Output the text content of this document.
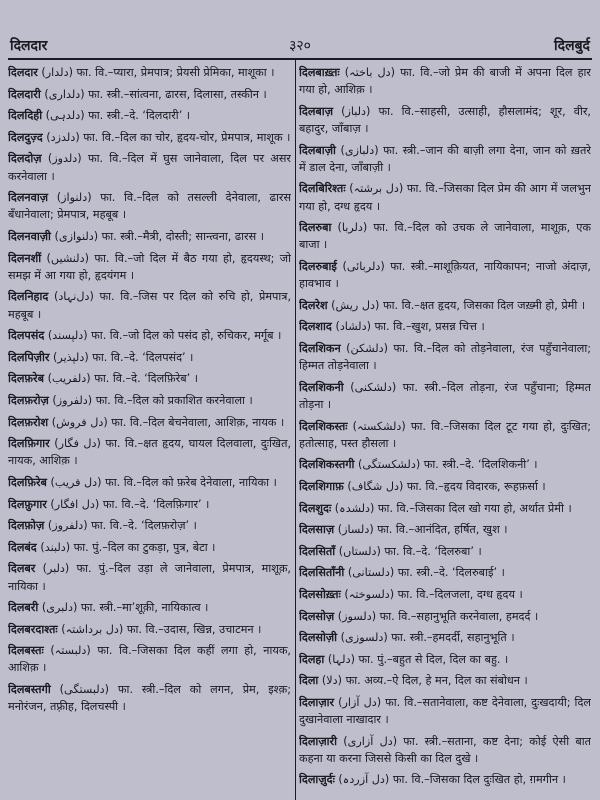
दिलदार	३२०	दिलबुर्द

दिलदार (دلدار) फा. वि.–प्यारा, प्रेमपात्र; प्रेयसी प्रेमिका, माशूका ।

दिलदारी (دلداری) फा. स्त्री.–सांत्वना, ढारस, दिलासा, तस्कीन ।

दिलदिही (دلدہی) फा. स्त्री.–दे. ‘दिलदारी’ ।

दिलदुज़्द (دلدزد) फा. वि.–दिल का चोर, हृदय-चोर, प्रेमपात्र, माशूक ।

दिलदोज़ (دلدوز) फा. वि.–दिल में घुस जानेवाला, दिल पर असर करनेवाला ।

दिलनवाज़ (دلنواز) फा. वि.–दिल को तसल्ली देनेवाला, ढारस बँधानेवाला; प्रेमपात्र, महबूब ।

दिलनवाज़ी (دلنوازی) फा. स्त्री.–मैत्री, दोस्ती; सान्त्वना, ढारस ।

दिलनशीं (دلنشیں) फा. वि.–जो दिल में बैठ गया हो, हृदयस्थ; जो समझ में आ गया हो, हृदयंगम ।

दिलनिहाद (دل‌نہاد) फा. वि.–जिस पर दिल को रुचि हो, प्रेमपात्र, महबूब ।

दिलपसंद (دلپسند) फा. वि.–जो दिल को पसंद हो, रुचिकर, मर्गूब ।

दिलपिज़ीर (دلپذیر) फा. वि.–दे. ‘दिलपसंद’ ।

दिलफ़रेब (دلفریب) फा. वि.–दे. ‘दिलफ़िरेब’ ।

दिलफ़रोज़ (دلفروز) फा. वि.–दिल को प्रकाशित करनेवाला ।

दिलफ़रोश (دل فروش) फा. वि.–दिल बेचनेवाला, आशिक़, नायक ।

दिलफ़िगार (دل فگار) फा. वि.–क्षत हृदय, घायल दिलवाला, दुःखित, नायक, आशिक़ ।

दिलफ़िरेब (دل فریب) फा. वि.–दिल को फ़रेब देनेवाला, नायिका ।

दिलफ़ुगार (دل افگار) फा. वि.–दे. ‘दिलफ़िगार’ ।

दिलफ़ोज़ (دلفروز) फा. वि.–दे. ‘दिलफ़रोज़’ ।

दिलबंद (دلبند) फा. पुं.–दिल का टुकड़ा, पुत्र, बेटा ।

दिलबर (دلبر) फा. पुं.–दिल उड़ा ले जानेवाला, प्रेमपात्र, माशूक़, नायिका ।

दिलबरी (دلبری) फा. स्त्री.–मा’शूक़ी, नायिकात्व ।

दिलबरदाश्तः (دل برداشتہ) फा. वि.–उदास, खिन्न, उचाटमन ।

दिलबस्तः (دلبستہ) फा. वि.–जिसका दिल कहीं लगा हो, नायक, आशिक़ ।

दिलबस्तगी (دلبستگی) फा. स्त्री.–दिल को लगन, प्रेम, इश्क़; मनोरंजन, तफ़्रीह, दिलचस्पी ।

दिलबाख़्तः (دل باختہ) फा. वि.–जो प्रेम की बाजी में अपना दिल हार गया हो, आशिक़ ।

दिलबाज़ (دلباز) फा. वि.–साहसी, उत्साही, हौसलामंद; शूर, वीर, बहादुर, जाँबाज़ ।

दिलबाज़ी (دلبازی) फा. स्त्री.–जान की बाज़ी लगा देना, जान को ख़तरे में डाल देना, जाँबाज़ी ।

दिलबिरिश्तः (دل برشتہ) फा. वि.–जिसका दिल प्रेम की आग में जलभुन गया हो, दग्ध हृदय ।

दिलरुबा (دلربا) फा. वि.–दिल को उचक ले जानेवाला, माशूक़, एक बाजा ।

दिलरुबाई (دلربائی) फा. स्त्री.–माशूक़ियत, नायिकापन; नाजो अंदाज़, हावभाव ।

दिलरेश (دل ریش) फा. वि.–क्षत हृदय, जिसका दिल जख़्मी हो, प्रेमी ।

दिलशाद (دلشاد) फा. वि.–खुश, प्रसन्न चित्त ।

दिलशिकन (دلشکن) फा. वि.–दिल को तोड़नेवाला, रंज पहुँचानेवाला; हिम्मत तोड़नेवाला ।

दिलशिकनी (دلشکنی) फा. स्त्री.–दिल तोड़ना, रंज पहुँचाना; हिम्मत तोड़ना ।

दिलशिकस्तः (دلشکستہ) फा. वि.–जिसका दिल टूट गया हो, दुःखित; हतोत्साह, पस्त हौसला ।

दिलशिकस्तगी (دلشکستگی) फा. स्त्री.–दे. ‘दिलशिकनी’ ।

दिलशिगाफ़ (دل شگاف) फा. वि.–हृदय विदारक, रूहफ़र्सा ।

दिलशुदः (دلشدہ) फा. वि.–जिसका दिल खो गया हो, अर्थात प्रेमी ।

दिलसाज़ (دلساز) फा. वि.–आनंदित, हर्षित, खुश ।

दिलसिताँ (دلستاں) फा. वि.–दे. ‘दिलरुबा’ ।

दिलसिताँनी (دلستانی) फा. स्त्री.–दे. ‘दिलरुबाई’ ।

दिलसोख़्तः (دلسوختہ) फा. वि.–दिलजला, दग्ध हृदय ।

दिलसोज़ (دلسوز) फा. वि.–सहानुभूति करनेवाला, हमदर्द ।

दिलसोज़ी (دلسوزی) फा. स्त्री.–हमदर्दी, सहानुभूति ।

दिलहा (دلہا) फा. पुं.–बहुत से दिल, दिल का बहु. ।

दिला (دلا) फा. अव्य.–ऐ दिल, हे मन, दिल का संबोधन ।

दिलाज़ार (دل آزار) फा. वि.–सतानेवाला, कष्ट देनेवाला, दुःखदायी; दिल दुखानेवाला नाखादार ।

दिलाज़ारी (دل آزاری) फा. स्त्री.–सताना, कष्ट देना; कोई ऐसी बात कहना या करना जिससे किसी का दिल दुखे ।

दिलाज़ुर्दः (دل آزردہ) फा. वि.–जिसका दिल दुःखित हो, ग़मगीन ।
